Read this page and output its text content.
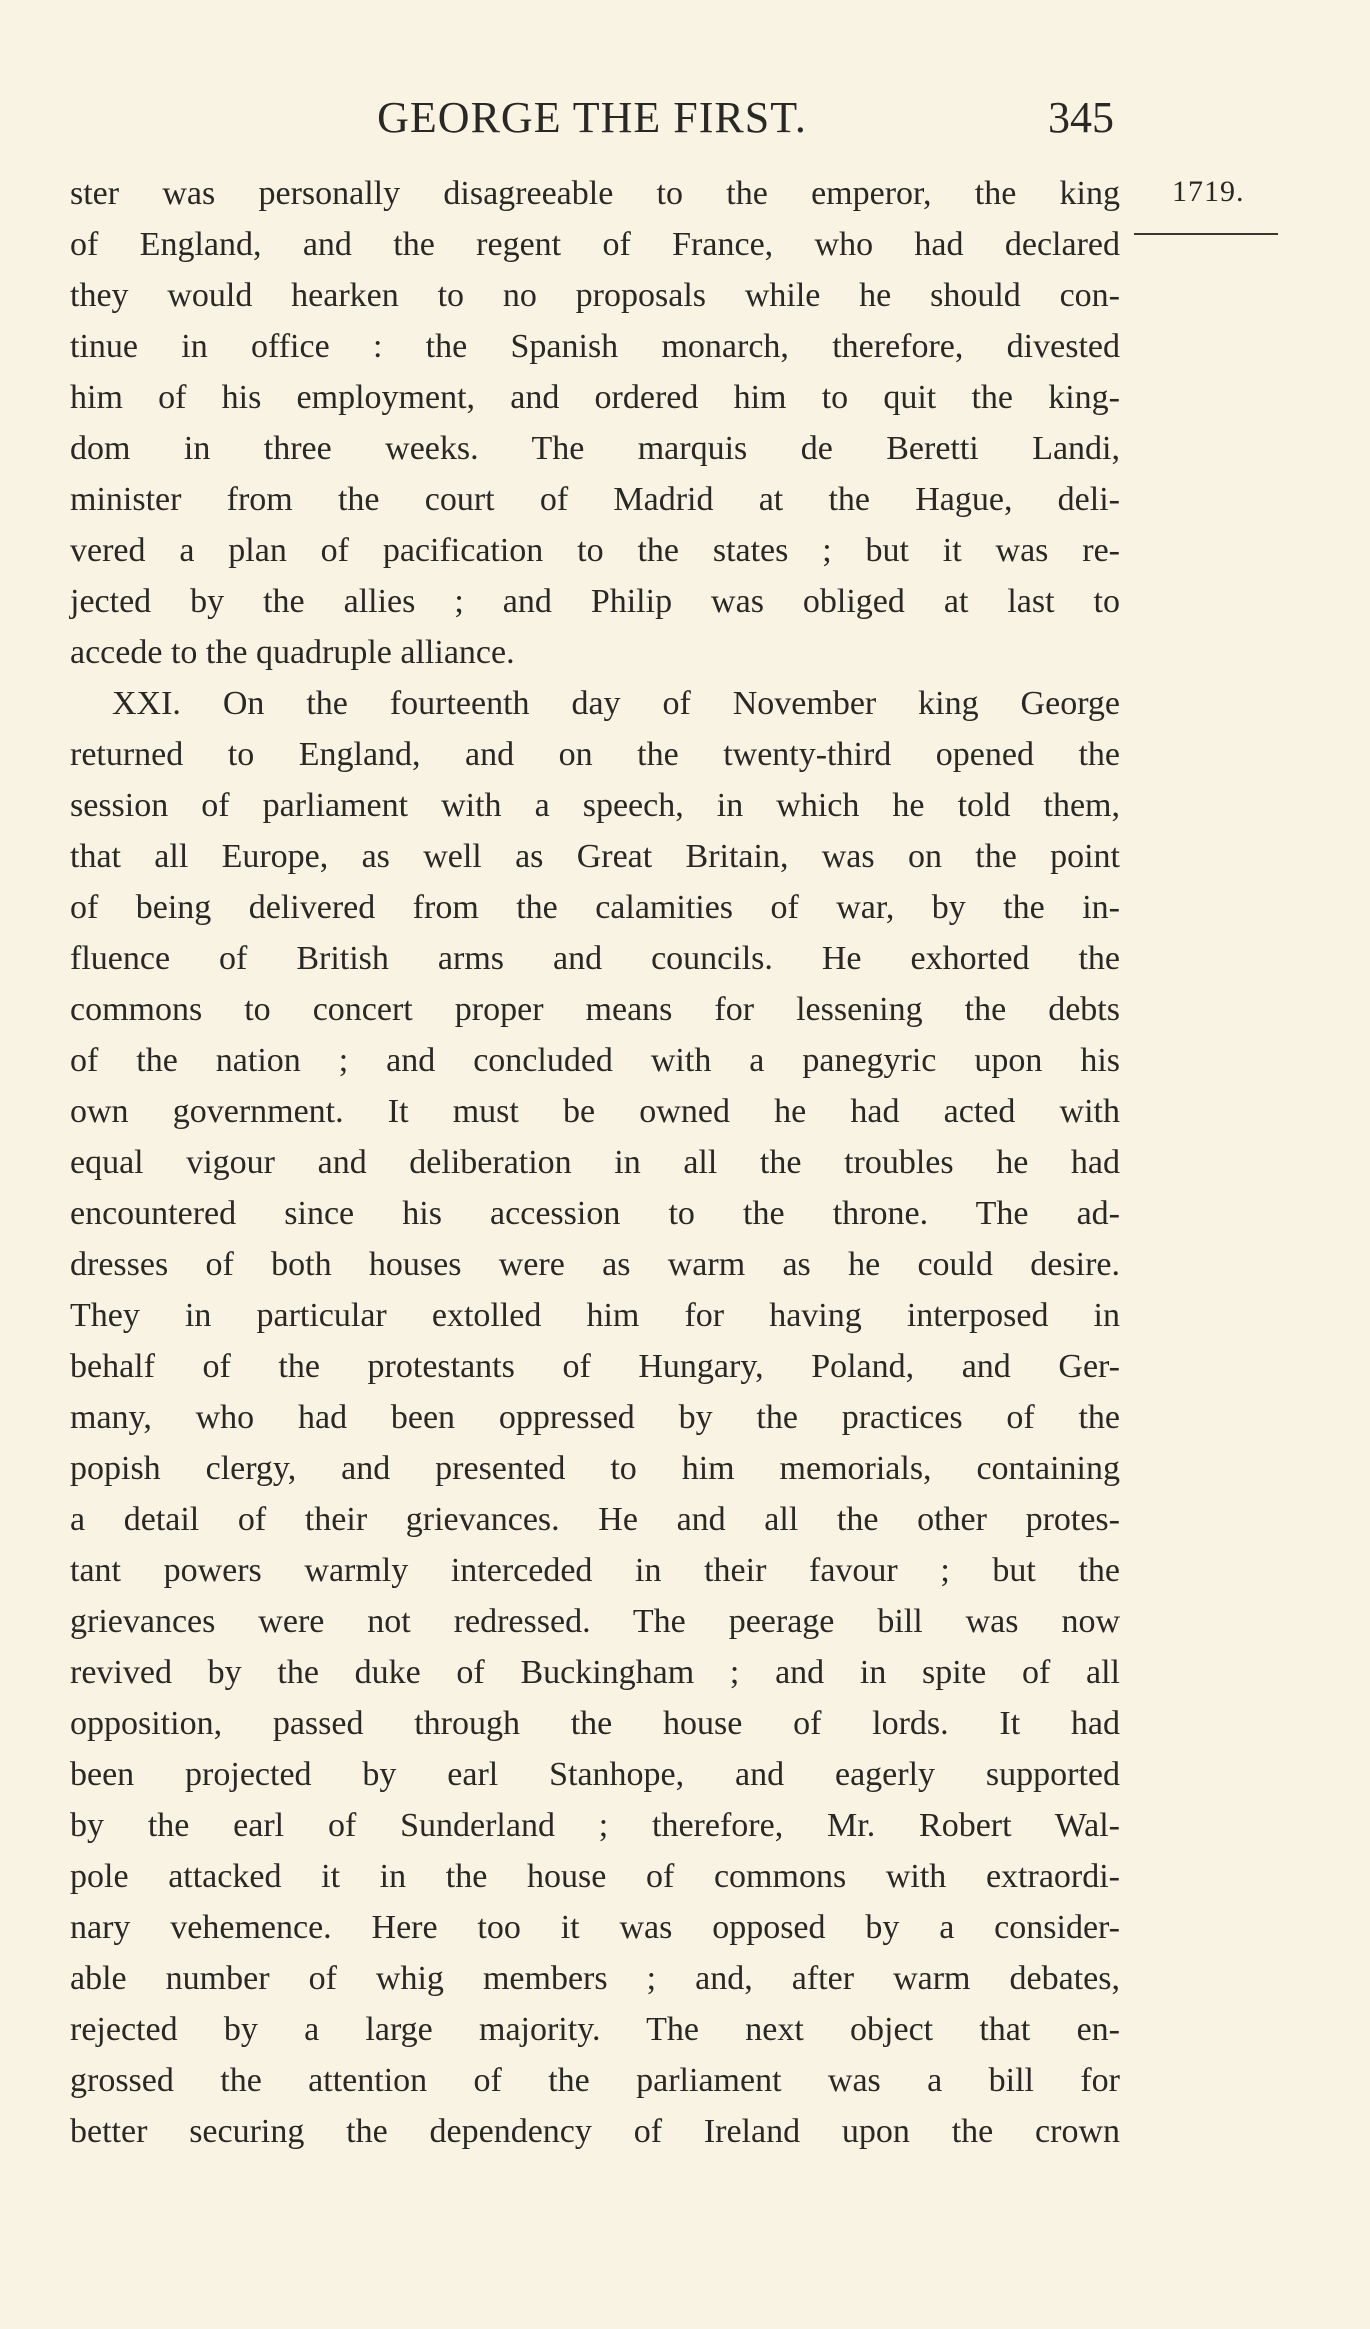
GEORGE THE FIRST.	345
1719.
ster was personally disagreeable to the emperor, the king
of England, and the regent of France, who had declared
they would hearken to no proposals while he should con-
tinue in office : the Spanish monarch, therefore, divested
him of his employment, and ordered him to quit the king-
dom in three weeks. The marquis de Beretti Landi,
minister from the court of Madrid at the Hague, deli-
vered a plan of pacification to the states ; but it was re-
jected by the allies ; and Philip was obliged at last to
accede to the quadruple alliance.
XXI. On the fourteenth day of November king George
returned to England, and on the twenty-third opened the
session of parliament with a speech, in which he told them,
that all Europe, as well as Great Britain, was on the point
of being delivered from the calamities of war, by the in-
fluence of British arms and councils. He exhorted the
commons to concert proper means for lessening the debts
of the nation ; and concluded with a panegyric upon his
own government. It must be owned he had acted with
equal vigour and deliberation in all the troubles he had
encountered since his accession to the throne. The ad-
dresses of both houses were as warm as he could desire.
They in particular extolled him for having interposed in
behalf of the protestants of Hungary, Poland, and Ger-
many, who had been oppressed by the practices of the
popish clergy, and presented to him memorials, containing
a detail of their grievances. He and all the other protes-
tant powers warmly interceded in their favour ; but the
grievances were not redressed. The peerage bill was now
revived by the duke of Buckingham ; and in spite of all
opposition, passed through the house of lords. It had
been projected by earl Stanhope, and eagerly supported
by the earl of Sunderland ; therefore, Mr. Robert Wal-
pole attacked it in the house of commons with extraordi-
nary vehemence. Here too it was opposed by a consider-
able number of whig members ; and, after warm debates,
rejected by a large majority. The next object that en-
grossed the attention of the parliament was a bill for
better securing the dependency of Ireland upon the crown
